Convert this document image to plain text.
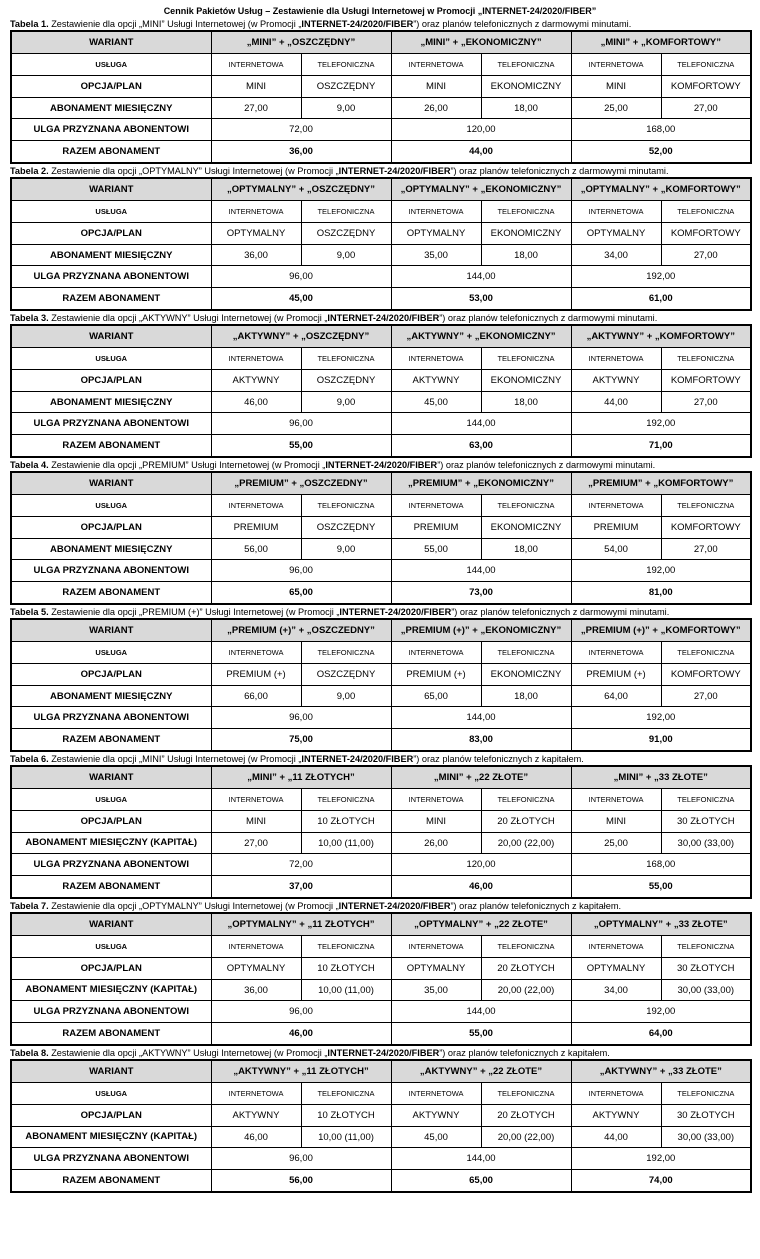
Cennik Pakietów Usług – Zestawienie dla Usługi Internetowej w Promocji „INTERNET-24/2020/FIBER”
Tabela 1. Zestawienie dla opcji „MINI” Usługi Internetowej (w Promocji „INTERNET-24/2020/FIBER”) oraz planów telefonicznych z darmowymi minutami.
WARIANT	„MINI” + „OSZCZĘDNY”		„MINI” + „EKONOMICZNY”		„MINI” + „KOMFORTOWY”	
USŁUGA	INTERNETOWA	TELEFONICZNA	INTERNETOWA	TELEFONICZNA	INTERNETOWA	TELEFONICZNA
OPCJA/PLAN	MINI	OSZCZĘDNY	MINI	EKONOMICZNY	MINI	KOMFORTOWY
ABONAMENT MIESIĘCZNY	27,00	9,00	26,00	18,00	25,00	27,00
ULGA PRZYZNANA ABONENTOWI	72,00		120,00		168,00	
RAZEM ABONAMENT	36,00		44,00		52,00	
Tabela 2. Zestawienie dla opcji „OPTYMALNY” Usługi Internetowej (w Promocji „INTERNET-24/2020/FIBER”) oraz planów telefonicznych z darmowymi minutami.
WARIANT	„OPTYMALNY” + „OSZCZĘDNY”		„OPTYMALNY” + „EKONOMICZNY”		„OPTYMALNY” + „KOMFORTOWY”	
USŁUGA	INTERNETOWA	TELEFONICZNA	INTERNETOWA	TELEFONICZNA	INTERNETOWA	TELEFONICZNA
OPCJA/PLAN	OPTYMALNY	OSZCZĘDNY	OPTYMALNY	EKONOMICZNY	OPTYMALNY	KOMFORTOWY
ABONAMENT MIESIĘCZNY	36,00	9,00	35,00	18,00	34,00	27,00
ULGA PRZYZNANA ABONENTOWI	96,00		144,00		192,00	
RAZEM ABONAMENT	45,00		53,00		61,00	
Tabela 3. Zestawienie dla opcji „AKTYWNY” Usługi Internetowej (w Promocji „INTERNET-24/2020/FIBER”) oraz planów telefonicznych z darmowymi minutami.
WARIANT	„AKTYWNY” + „OSZCZĘDNY”		„AKTYWNY” + „EKONOMICZNY”		„AKTYWNY” + „KOMFORTOWY”	
USŁUGA	INTERNETOWA	TELEFONICZNA	INTERNETOWA	TELEFONICZNA	INTERNETOWA	TELEFONICZNA
OPCJA/PLAN	AKTYWNY	OSZCZĘDNY	AKTYWNY	EKONOMICZNY	AKTYWNY	KOMFORTOWY
ABONAMENT MIESIĘCZNY	46,00	9,00	45,00	18,00	44,00	27,00
ULGA PRZYZNANA ABONENTOWI	96,00		144,00		192,00	
RAZEM ABONAMENT	55,00		63,00		71,00	
Tabela 4. Zestawienie dla opcji „PREMIUM” Usługi Internetowej (w Promocji „INTERNET-24/2020/FIBER”) oraz planów telefonicznych z darmowymi minutami.
WARIANT	„PREMIUM” + „OSZCZEDNY”		„PREMIUM” + „EKONOMICZNY”		„PREMIUM” + „KOMFORTOWY”	
USŁUGA	INTERNETOWA	TELEFONICZNA	INTERNETOWA	TELEFONICZNA	INTERNETOWA	TELEFONICZNA
OPCJA/PLAN	PREMIUM	OSZCZĘDNY	PREMIUM	EKONOMICZNY	PREMIUM	KOMFORTOWY
ABONAMENT MIESIĘCZNY	56,00	9,00	55,00	18,00	54,00	27,00
ULGA PRZYZNANA ABONENTOWI	96,00		144,00		192,00	
RAZEM ABONAMENT	65,00		73,00		81,00	
Tabela 5. Zestawienie dla opcji „PREMIUM (+)” Usługi Internetowej (w Promocji „INTERNET-24/2020/FIBER”) oraz planów telefonicznych z darmowymi minutami.
WARIANT	„PREMIUM (+)” + „OSZCZEDNY”		„PREMIUM (+)” + „EKONOMICZNY”		„PREMIUM (+)” + „KOMFORTOWY”	
USŁUGA	INTERNETOWA	TELEFONICZNA	INTERNETOWA	TELEFONICZNA	INTERNETOWA	TELEFONICZNA
OPCJA/PLAN	PREMIUM (+)	OSZCZĘDNY	PREMIUM (+)	EKONOMICZNY	PREMIUM (+)	KOMFORTOWY
ABONAMENT MIESIĘCZNY	66,00	9,00	65,00	18,00	64,00	27,00
ULGA PRZYZNANA ABONENTOWI	96,00		144,00		192,00	
RAZEM ABONAMENT	75,00		83,00		91,00	
Tabela 6. Zestawienie dla opcji „MINI” Usługi Internetowej (w Promocji „INTERNET-24/2020/FIBER”) oraz planów telefonicznych z kapitałem.
WARIANT	„MINI” + „11 ZŁOTYCH”		„MINI” + „22 ZŁOTE”		„MINI” + „33 ZŁOTE”	
USŁUGA	INTERNETOWA	TELEFONICZNA	INTERNETOWA	TELEFONICZNA	INTERNETOWA	TELEFONICZNA
OPCJA/PLAN	MINI	10 ZŁOTYCH	MINI	20 ZŁOTYCH	MINI	30 ZŁOTYCH
ABONAMENT MIESIĘCZNY (KAPITAŁ)	27,00	10,00 (11,00)	26,00	20,00 (22,00)	25,00	30,00 (33,00)
ULGA PRZYZNANA ABONENTOWI	72,00		120,00		168,00	
RAZEM ABONAMENT	37,00		46,00		55,00	
Tabela 7. Zestawienie dla opcji „OPTYMALNY” Usługi Internetowej (w Promocji „INTERNET-24/2020/FIBER”) oraz planów telefonicznych z kapitałem.
WARIANT	„OPTYMALNY” + „11 ZŁOTYCH”		„OPTYMALNY” + „22 ZŁOTE”		„OPTYMALNY” + „33 ZŁOTE”	
USŁUGA	INTERNETOWA	TELEFONICZNA	INTERNETOWA	TELEFONICZNA	INTERNETOWA	TELEFONICZNA
OPCJA/PLAN	OPTYMALNY	10 ZŁOTYCH	OPTYMALNY	20 ZŁOTYCH	OPTYMALNY	30 ZŁOTYCH
ABONAMENT MIESIĘCZNY (KAPITAŁ)	36,00	10,00 (11,00)	35,00	20,00 (22,00)	34,00	30,00 (33,00)
ULGA PRZYZNANA ABONENTOWI	96,00		144,00		192,00	
RAZEM ABONAMENT	46,00		55,00		64,00	
Tabela 8. Zestawienie dla opcji „AKTYWNY” Usługi Internetowej (w Promocji „INTERNET-24/2020/FIBER”) oraz planów telefonicznych z kapitałem.
WARIANT	„AKTYWNY” + „11 ZŁOTYCH”		„AKTYWNY” + „22 ZŁOTE”		„AKTYWNY” + „33 ZŁOTE”	
USŁUGA	INTERNETOWA	TELEFONICZNA	INTERNETOWA	TELEFONICZNA	INTERNETOWA	TELEFONICZNA
OPCJA/PLAN	AKTYWNY	10 ZŁOTYCH	AKTYWNY	20 ZŁOTYCH	AKTYWNY	30 ZŁOTYCH
ABONAMENT MIESIĘCZNY (KAPITAŁ)	46,00	10,00 (11,00)	45,00	20,00 (22,00)	44,00	30,00 (33,00)
ULGA PRZYZNANA ABONENTOWI	96,00		144,00		192,00	
RAZEM ABONAMENT	56,00		65,00		74,00	
